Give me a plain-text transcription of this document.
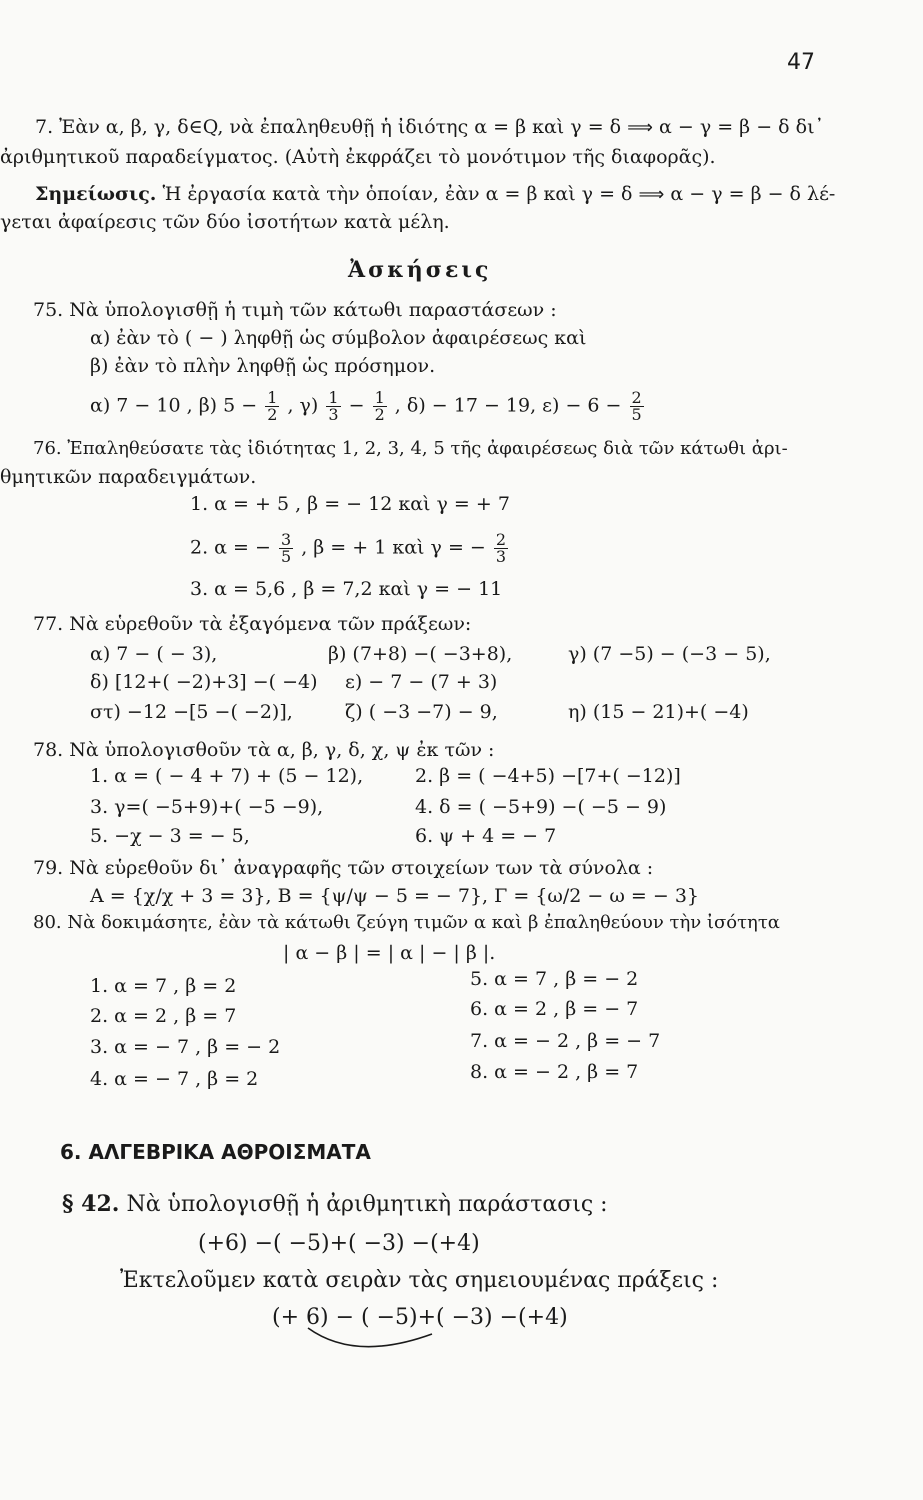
47
7. Ἐὰν α, β, γ, δ∈Q, νὰ ἐπαληθευθῇ ἡ ἰδιότης α = β καὶ γ = δ ⟹ α − γ = β − δ δι᾽
ἀριθμητικοῦ παραδείγματος. (Αὐτὴ ἐκφράζει τὸ μονότιμον τῆς διαφορᾶς).
Σημείωσις. Ἡ ἐργασία κατὰ τὴν ὁποίαν, ἐὰν α = β καὶ γ = δ ⟹ α − γ = β − δ λέ-
γεται ἀφαίρεσις τῶν δύο ἰσοτήτων κατὰ μέλη.
Ἀσκήσεις
75. Νὰ ὑπολογισθῇ ἡ τιμὴ τῶν κάτωθι παραστάσεων :
α) ἐὰν τὸ ( − ) ληφθῇ ὡς σύμβολον ἀφαιρέσεως καὶ
β) ἐὰν τὸ πλὴν ληφθῇ ὡς πρόσημον.
α) 7 − 10 , β) $5 - \frac{1}{2}$ , $\gamma) \frac{1}{3} - \frac{1}{2}$ , δ) − 17 − 19, $\varepsilon) - 6 - \frac{2}{5}$
76. Ἐπαληθεύσατε τὰς ἰδιότητας 1, 2, 3, 4, 5 τῆς ἀφαιρέσεως διὰ τῶν κάτωθι ἀρι-
θμητικῶν παραδειγμάτων.
1. α = + 5 , β = − 12 καὶ γ = + 7
2. α = − $\frac{3}{5}$ , β = + 1 καὶ γ = − $\frac{2}{3}$
3. α = 5,6 , β = 7,2 καὶ γ = − 11
77. Νὰ εὑρεθοῦν τὰ ἐξαγόμενα τῶν πράξεων:
α) 7 − ( − 3),	β) (7+8) −( −3+8),	γ) (7 −5) − (−3 − 5),
δ) [12+( −2)+3] −( −4) ε) − 7 − (7 + 3)
στ) −12 −[5 −( −2)],	ζ) ( −3 −7) − 9,	η) (15 − 21)+( −4)
78. Νὰ ὑπολογισθοῦν τὰ α, β, γ, δ, χ, ψ ἐκ τῶν :
1. α = ( − 4 + 7) + (5 − 12),	2. β = ( −4+5) −[7+( −12)]
3. γ=( −5+9)+( −5 −9),	4. δ = ( −5+9) −( −5 − 9)
5. −χ − 3 = − 5,	6. ψ + 4 = − 7
79. Νὰ εὑρεθοῦν δι᾽ ἀναγραφῆς τῶν στοιχείων των τὰ σύνολα :
Α = {χ/χ + 3 = 3}, Β = {ψ/ψ − 5 = − 7}, Γ = {ω/2 − ω = − 3}
80. Νὰ δοκιμάσητε, ἐὰν τὰ κάτωθι ζεύγη τιμῶν α καὶ β ἐπαληθεύουν τὴν ἰσότητα
| α − β | = | α | − | β |.
1. α = 7 , β = 2
2. α = 2 , β = 7
3. α = − 7 , β = − 2
4. α = − 7 , β = 2
5. α = 7 , β = − 2
6. α = 2 , β = − 7
7. α = − 2 , β = − 7
8. α = − 2 , β = 7
6. ΑΛΓΕΒΡΙΚΑ ΑΘΡΟΙΣΜΑΤΑ
§ 42. Νὰ ὑπολογισθῇ ἡ ἀριθμητικὴ παράστασις :
(+6) −( −5)+( −3) −(+4)
Ἐκτελοῦμεν κατὰ σειρὰν τὰς σημειουμένας πράξεις :
(+ 6) − ( −5)+( −3) −(+4)
